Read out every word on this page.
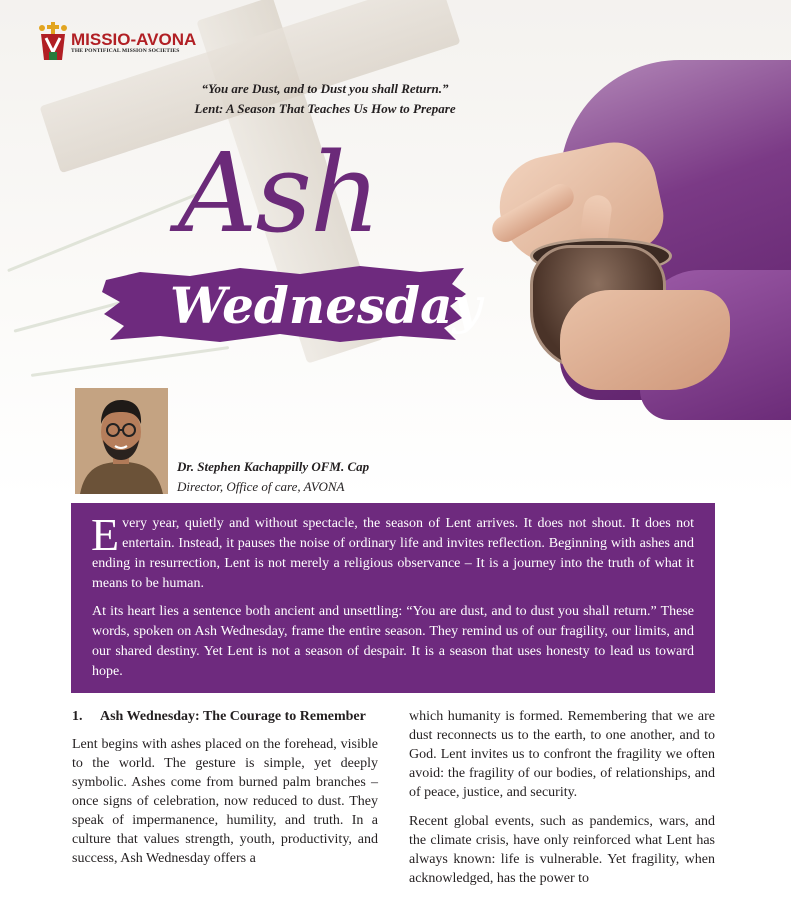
MISSIO-AVONA
THE PONTIFICAL MISSION SOCIETIES
“You are Dust, and to Dust you shall Return.”
Lent: A Season That Teaches Us How to Prepare
Ash
Wednesday
Dr. Stephen Kachappilly OFM. Cap
Director, Office of care, AVONA

Every year, quietly and without spectacle, the season of Lent arrives. It does not shout. It does not entertain. Instead, it pauses the noise of ordinary life and invites reflection. Beginning with ashes and ending in resurrection, Lent is not merely a religious observance – It is a journey into the truth of what it means to be human.

At its heart lies a sentence both ancient and unsettling: “You are dust, and to dust you shall return.” These words, spoken on Ash Wednesday, frame the entire season. They remind us of our fragility, our limits, and our shared destiny. Yet Lent is not a season of despair. It is a season that uses honesty to lead us toward hope.

1. Ash Wednesday: The Courage to Remember

Lent begins with ashes placed on the forehead, visible to the world. The gesture is simple, yet deeply symbolic. Ashes come from burned palm branches – once signs of celebration, now reduced to dust. They speak of impermanence, humility, and truth. In a culture that values strength, youth, productivity, and success, Ash Wednesday offers a

which humanity is formed. Remembering that we are dust reconnects us to the earth, to one another, and to God. Lent invites us to confront the fragility we often avoid: the fragility of our bodies, of relationships, and of peace, justice, and security.

Recent global events, such as pandemics, wars, and the climate crisis, have only reinforced what Lent has always known: life is vulnerable. Yet fragility, when acknowledged, has the power to
